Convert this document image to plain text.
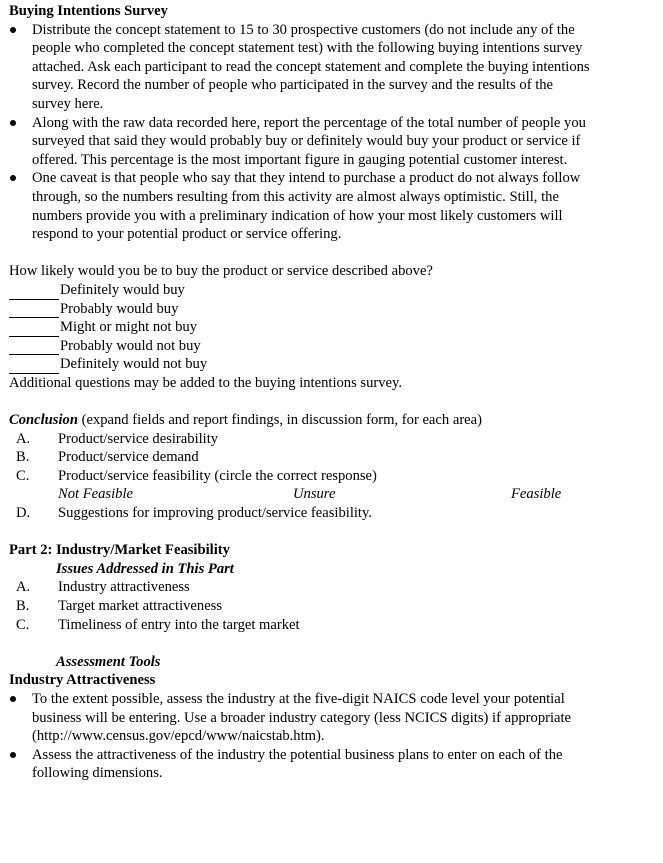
Buying Intentions Survey
Distribute the concept statement to 15 to 30 prospective customers (do not include any of the people who completed the concept statement test) with the following buying intentions survey attached. Ask each participant to read the concept statement and complete the buying intentions survey. Record the number of people who participated in the survey and the results of the survey here.
Along with the raw data recorded here, report the percentage of the total number of people you surveyed that said they would probably buy or definitely would buy your product or service if offered. This percentage is the most important figure in gauging potential customer interest.
One caveat is that people who say that they intend to purchase a product do not always follow through, so the numbers resulting from this activity are almost always optimistic. Still, the numbers provide you with a preliminary indication of how your most likely customers will respond to your potential product or service offering.
How likely would you be to buy the product or service described above?
Definitely would buy
Probably would buy
Might or might not buy
Probably would not buy
Definitely would not buy
Additional questions may be added to the buying intentions survey.
Conclusion (expand fields and report findings, in discussion form, for each area)
A.	Product/service desirability
B.	Product/service demand
C.	Product/service feasibility (circle the correct response)
Not Feasible	Unsure	Feasible
D.	Suggestions for improving product/service feasibility.
Part 2: Industry/Market Feasibility
Issues Addressed in This Part
A.	Industry attractiveness
B.	Target market attractiveness
C.	Timeliness of entry into the target market
Assessment Tools
Industry Attractiveness
To the extent possible, assess the industry at the five-digit NAICS code level your potential business will be entering. Use a broader industry category (less NCICS digits) if appropriate (http://www.census.gov/epcd/www/naicstab.htm).
Assess the attractiveness of the industry the potential business plans to enter on each of the following dimensions.
